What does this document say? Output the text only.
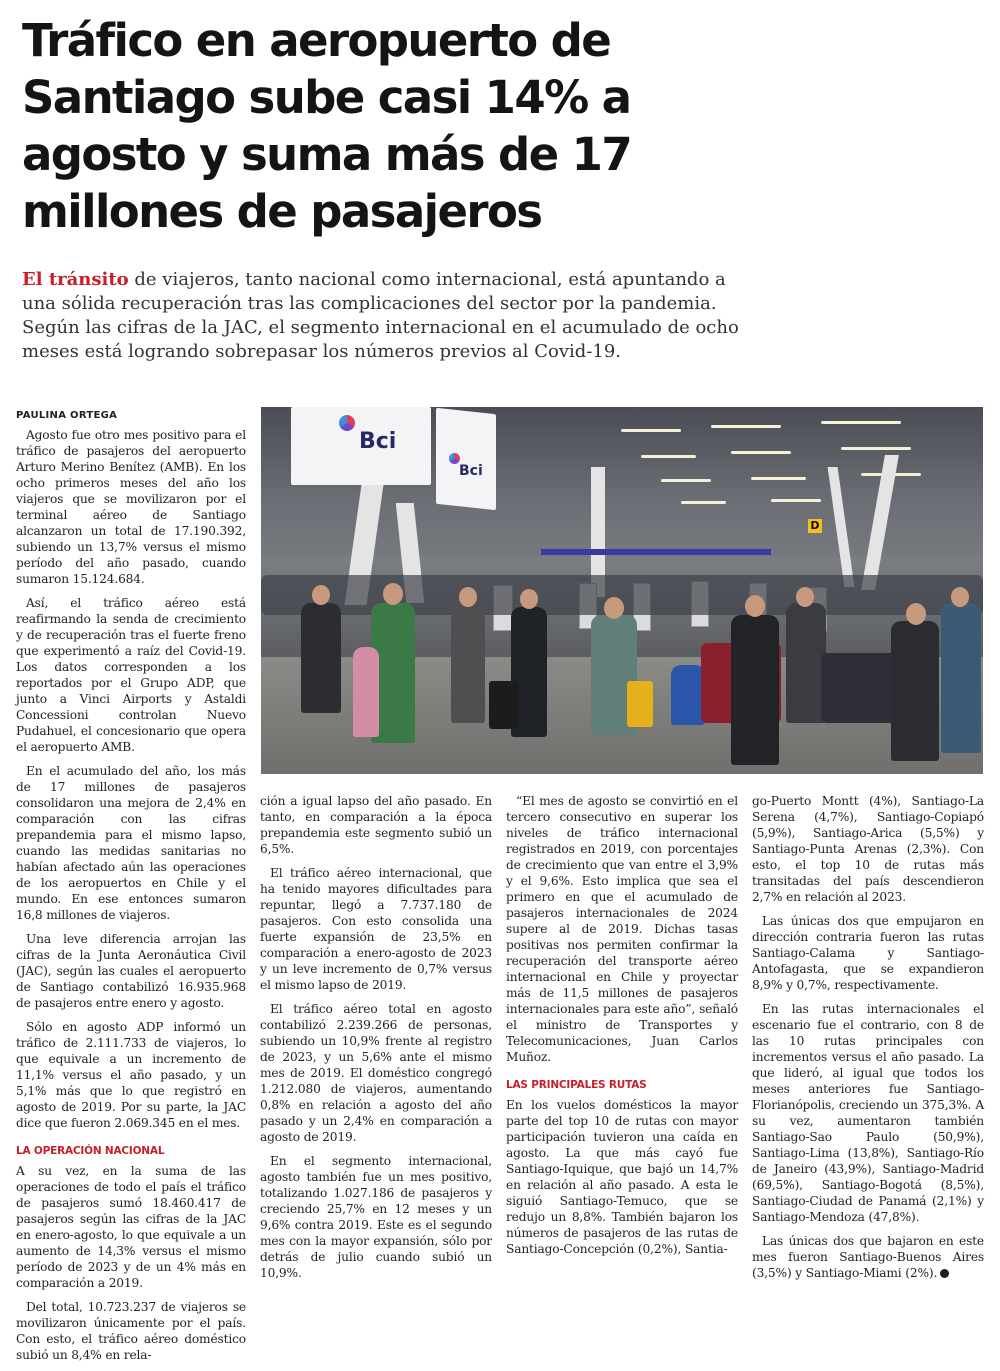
Tráfico en aeropuerto de Santiago sube casi 14% a agosto y suma más de 17 millones de pasajeros

El tránsito de viajeros, tanto nacional como internacional, está apuntando a una sólida recuperación tras las complicaciones del sector por la pandemia. Según las cifras de la JAC, el segmento internacional en el acumulado de ocho meses está logrando sobrepasar los números previos al Covid-19.

Bci
Bci
D
PAULINA ORTEGA

Agosto fue otro mes positivo para el tráfico de pasajeros del aeropuerto Arturo Merino Benítez (AMB). En los ocho primeros meses del año los viajeros que se movilizaron por el terminal aéreo de Santiago alcanzaron un total de 17.190.392, subiendo un 13,7% versus el mismo período del año pasado, cuando sumaron 15.124.684.

Así, el tráfico aéreo está reafirmando la senda de crecimiento y de recuperación tras el fuerte freno que experimentó a raíz del Covid-19. Los datos corresponden a los reportados por el Grupo ADP, que junto a Vinci Airports y Astaldi Concessioni controlan Nuevo Pudahuel, el concesionario que opera el aeropuerto AMB.

En el acumulado del año, los más de 17 millones de pasajeros consolidaron una mejora de 2,4% en comparación con las cifras prepandemia para el mismo lapso, cuando las medidas sanitarias no habían afectado aún las operaciones de los aeropuertos en Chile y el mundo. En ese entonces sumaron 16,8 millones de viajeros.

Una leve diferencia arrojan las cifras de la Junta Aeronáutica Civil (JAC), según las cuales el aeropuerto de Santiago contabilizó 16.935.968 de pasajeros entre enero y agosto.

Sólo en agosto ADP informó un tráfico de 2.111.733 de viajeros, lo que equivale a un incremento de 11,1% versus el año pasado, y un 5,1% más que lo que registró en agosto de 2019. Por su parte, la JAC dice que fueron 2.069.345 en el mes.

LA OPERACIÓN NACIONAL

A su vez, en la suma de las operaciones de todo el país el tráfico de pasajeros sumó 18.460.417 de pasajeros según las cifras de la JAC en enero-agosto, lo que equivale a un aumento de 14,3% versus el mismo período de 2023 y de un 4% más en comparación a 2019.

Del total, 10.723.237 de viajeros se movilizaron únicamente por el país. Con esto, el tráfico aéreo doméstico subió un 8,4% en rela-

ción a igual lapso del año pasado. En tanto, en comparación a la época prepandemia este segmento subió un 6,5%.

El tráfico aéreo internacional, que ha tenido mayores dificultades para repuntar, llegó a 7.737.180 de pasajeros. Con esto consolida una fuerte expansión de 23,5% en comparación a enero-agosto de 2023 y un leve incremento de 0,7% versus el mismo lapso de 2019.

El tráfico aéreo total en agosto contabilizó 2.239.266 de personas, subiendo un 10,9% frente al registro de 2023, y un 5,6% ante el mismo mes de 2019. El doméstico congregó 1.212.080 de viajeros, aumentando 0,8% en relación a agosto del año pasado y un 2,4% en comparación a agosto de 2019.

En el segmento internacional, agosto también fue un mes positivo, totalizando 1.027.186 de pasajeros y creciendo 25,7% en 12 meses y un 9,6% contra 2019. Este es el segundo mes con la mayor expansión, sólo por detrás de julio cuando subió un 10,9%.

“El mes de agosto se convirtió en el tercero consecutivo en superar los niveles de tráfico internacional registrados en 2019, con porcentajes de crecimiento que van entre el 3,9% y el 9,6%. Esto implica que sea el primero en que el acumulado de pasajeros internacionales de 2024 supere al de 2019. Dichas tasas positivas nos permiten confirmar la recuperación del transporte aéreo internacional en Chile y proyectar más de 11,5 millones de pasajeros internacionales para este año”, señaló el ministro de Transportes y Telecomunicaciones, Juan Carlos Muñoz.

LAS PRINCIPALES RUTAS

En los vuelos domésticos la mayor parte del top 10 de rutas con mayor participación tuvieron una caída en agosto. La que más cayó fue Santiago-Iquique, que bajó un 14,7% en relación al año pasado. A esta le siguió Santiago-Temuco, que se redujo un 8,8%. También bajaron los números de pasajeros de las rutas de Santiago-Concepción (0,2%), Santia-

go-Puerto Montt (4%), Santiago-La Serena (4,7%), Santiago-Copiapó (5,9%), Santiago-Arica (5,5%) y Santiago-Punta Arenas (2,3%). Con esto, el top 10 de rutas más transitadas del país descendieron 2,7% en relación al 2023.

Las únicas dos que empujaron en dirección contraria fueron las rutas Santiago-Calama y Santiago-Antofagasta, que se expandieron 8,9% y 0,7%, respectivamente.

En las rutas internacionales el escenario fue el contrario, con 8 de las 10 rutas principales con incrementos versus el año pasado. La que lideró, al igual que todos los meses anteriores fue Santiago-Florianópolis, creciendo un 375,3%. A su vez, aumentaron también Santiago-Sao Paulo (50,9%), Santiago-Lima (13,8%), Santiago-Río de Janeiro (43,9%), Santiago-Madrid (69,5%), Santiago-Bogotá (8,5%), Santiago-Ciudad de Panamá (2,1%) y Santiago-Mendoza (47,8%).

Las únicas dos que bajaron en este mes fueron Santiago-Buenos Aires (3,5%) y Santiago-Miami (2%).
